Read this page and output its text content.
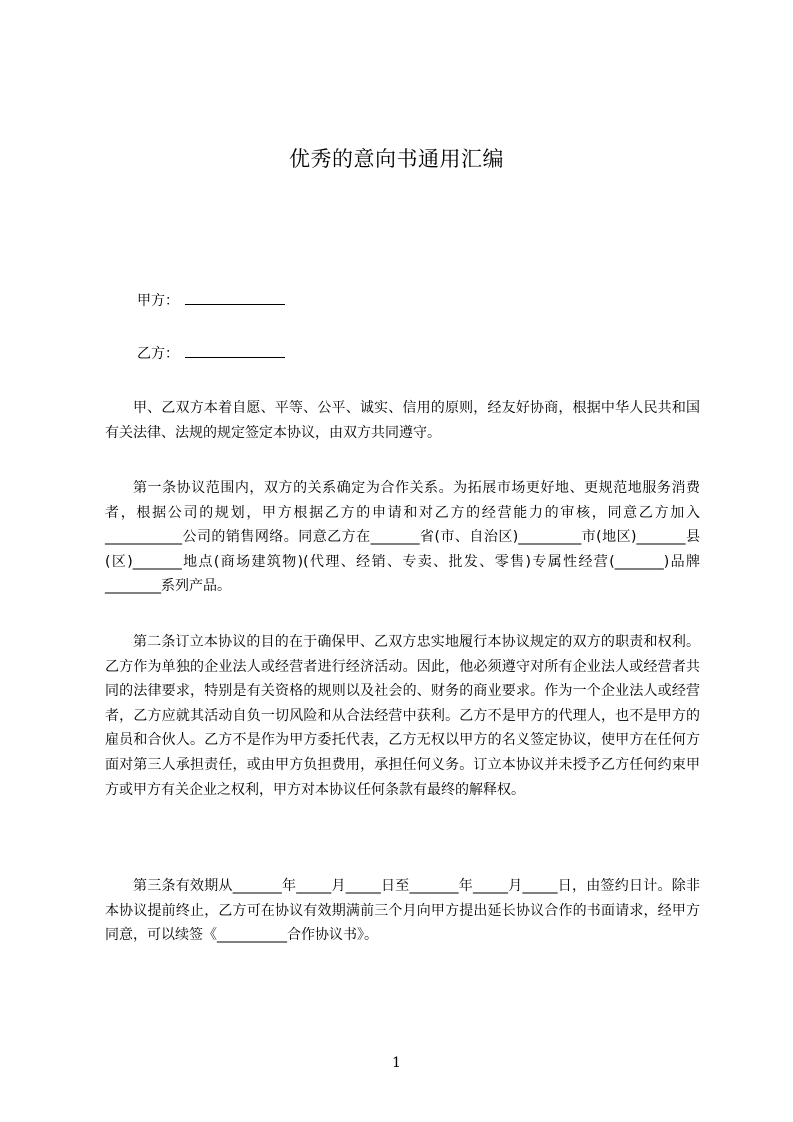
优秀的意向书通用汇编
甲方：
乙方：

甲、乙双方本着自愿、平等、公平、诚实、信用的原则，经友好协商，根据中华人民共和国有关法律、法规的规定签定本协议，由双方共同遵守。

第一条协议范围内，双方的关系确定为合作关系。为拓展市场更好地、更规范地服务消费者，根据公司的规划，甲方根据乙方的申请和对乙方的经营能力的审核，同意乙方加入___________公司的销售网络。同意乙方在_______省(市、自治区)_________市(地区)_______县(区)_______地点(商场建筑物)(代理、经销、专卖、批发、零售)专属性经营(_______)品牌________系列产品。

第二条订立本协议的目的在于确保甲、乙双方忠实地履行本协议规定的双方的职责和权利。乙方作为单独的企业法人或经营者进行经济活动。因此，他必须遵守对所有企业法人或经营者共同的法律要求，特别是有关资格的规则以及社会的、财务的商业要求。作为一个企业法人或经营者，乙方应就其活动自负一切风险和从合法经营中获利。乙方不是甲方的代理人，也不是甲方的雇员和合伙人。乙方不是作为甲方委托代表，乙方无权以甲方的名义签定协议，使甲方在任何方面对第三人承担责任，或由甲方负担费用，承担任何义务。订立本协议并未授予乙方任何约束甲方或甲方有关企业之权利，甲方对本协议任何条款有最终的解释权。

第三条有效期从_______年_____月_____日至_______年_____月_____日，由签约日计。除非本协议提前终止，乙方可在协议有效期满前三个月向甲方提出延长协议合作的书面请求，经甲方同意，可以续签《__________合作协议书》。

1
